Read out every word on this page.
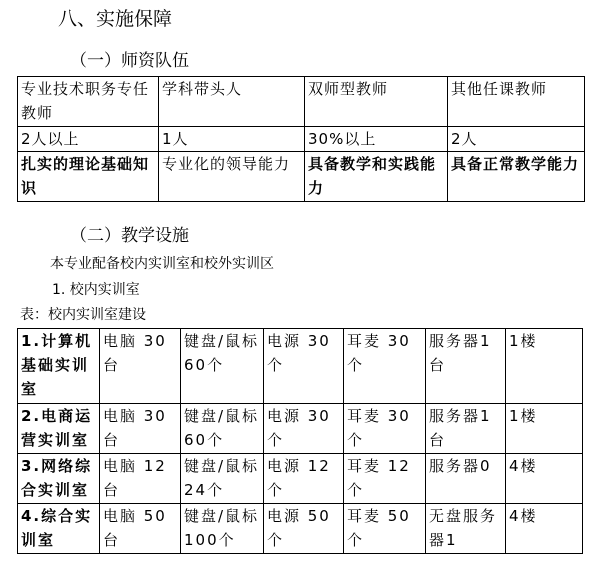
八、实施保障
（一）师资队伍
专业技术职务专任教师	学科带头人	双师型教师	其他任课教师
2人以上	1人	30%以上	2人
扎实的理论基础知识	专业化的领导能力	具备教学和实践能力	具备正常教学能力
（二）教学设施
本专业配备校内实训室和校外实训区
1. 校内实训室
表：校内实训室建设
1.计算机基础实训室	电脑 30台	键盘/鼠标60个	电源 30个	耳麦 30个	服务器1台	1楼
2.电商运营实训室	电脑 30台	键盘/鼠标60个	电源 30个	耳麦 30个	服务器1台	1楼
3.网络综合实训室	电脑 12台	键盘/鼠标24个	电源 12个	耳麦 12个	服务器0	4楼
4.综合实训室	电脑 50台	键盘/鼠标100个	电源 50个	耳麦 50个	无盘服务器1	4楼
